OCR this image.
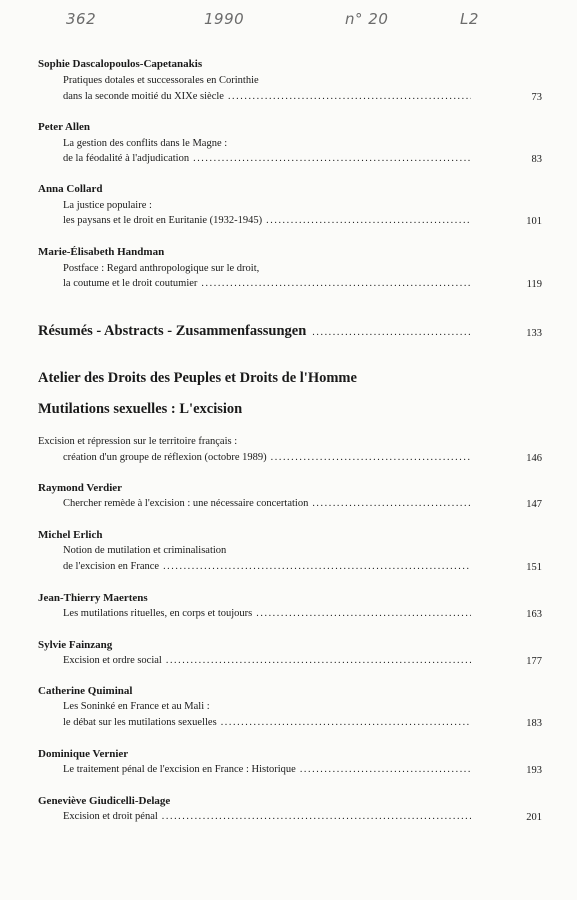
362	1990	n° 20	L2
Sophie Dascalopoulos-Capetanakis
Pratiques dotales et successorales en Corinthie
dans la seconde moitié du XIXe siècle .....	73
Peter Allen
La gestion des conflits dans le Magne :
de la féodalité à l'adjudication .....	83
Anna Collard
La justice populaire :
les paysans et le droit en Euritanie (1932-1945) .....	101
Marie-Élisabeth Handman
Postface : Regard anthropologique sur le droit,
la coutume et le droit coutumier .....	119
Résumés - Abstracts - Zusammenfassungen .....	133
Atelier des Droits des Peuples et Droits de l'Homme
Mutilations sexuelles : L'excision
Excision et répression sur le territoire français :
création d'un groupe de réflexion (octobre 1989) .....	146
Raymond Verdier
Chercher remède à l'excision : une nécessaire concertation .....	147
Michel Erlich
Notion de mutilation et criminalisation
de l'excision en France .....	151
Jean-Thierry Maertens
Les mutilations rituelles, en corps et toujours .....	163
Sylvie Fainzang
Excision et ordre social .....	177
Catherine Quiminal
Les Soninké en France et au Mali :
le débat sur les mutilations sexuelles .....	183
Dominique Vernier
Le traitement pénal de l'excision en France : Historique .....	193
Geneviève Giudicelli-Delage
Excision et droit pénal .....	201
